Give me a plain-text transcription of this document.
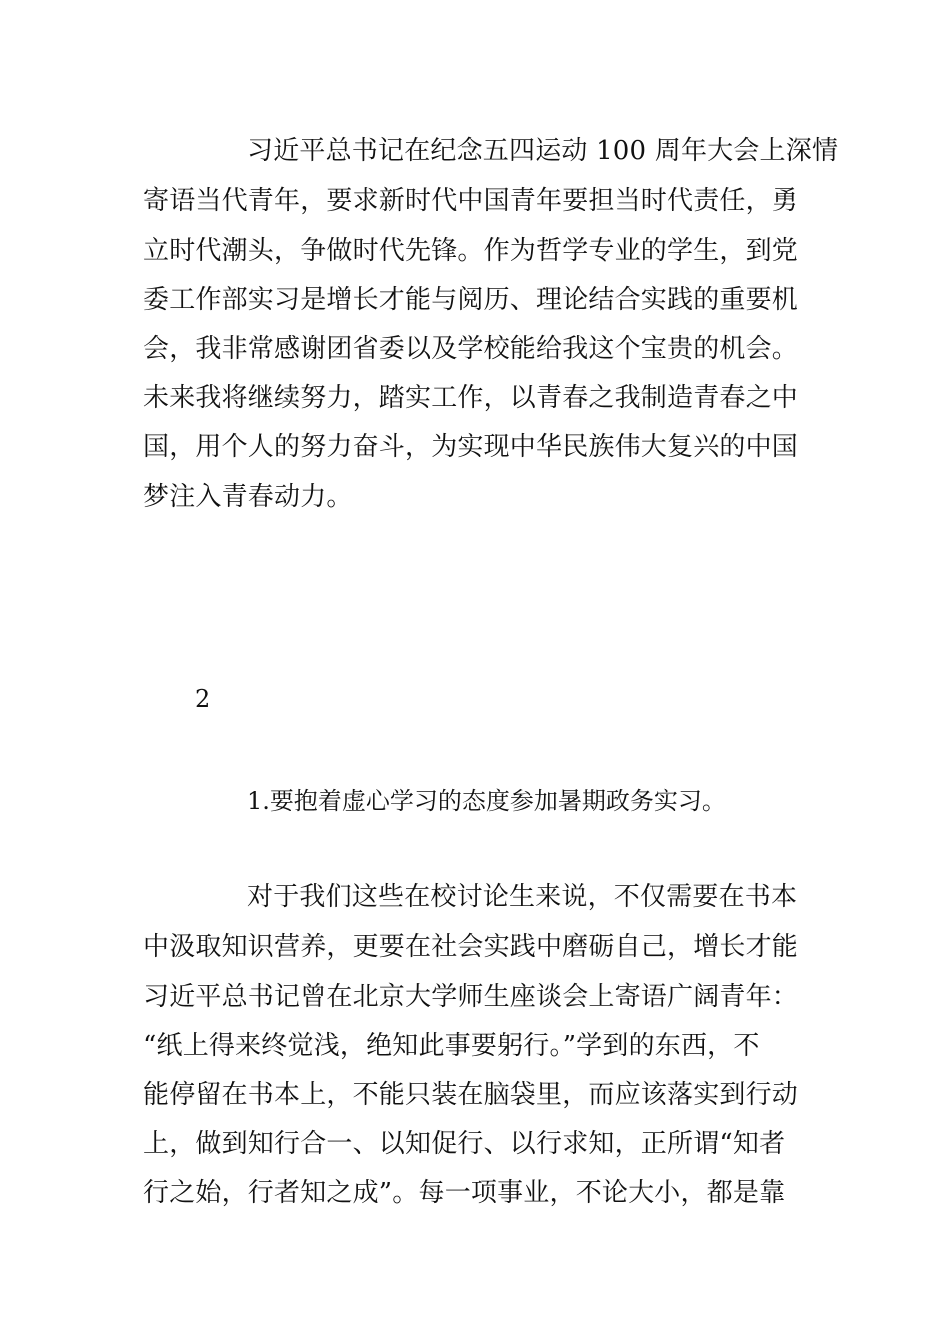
习近平总书记在纪念五四运动 100 周年大会上深情
寄语当代青年，要求新时代中国青年要担当时代责任，勇
立时代潮头，争做时代先锋。作为哲学专业的学生，到党
委工作部实习是增长才能与阅历、理论结合实践的重要机
会，我非常感谢团省委以及学校能给我这个宝贵的机会。
未来我将继续努力，踏实工作，以青春之我制造青春之中
国，用个人的努力奋斗，为实现中华民族伟大复兴的中国
梦注入青春动力。
2
1.要抱着虚心学习的态度参加暑期政务实习。
对于我们这些在校讨论生来说，不仅需要在书本
中汲取知识营养，更要在社会实践中磨砺自己，增长才能
习近平总书记曾在北京大学师生座谈会上寄语广阔青年：
“纸上得来终觉浅，绝知此事要躬行。”学到的东西，不
能停留在书本上，不能只装在脑袋里，而应该落实到行动
上，做到知行合一、以知促行、以行求知，正所谓“知者
行之始，行者知之成”。每一项事业，不论大小，都是靠
